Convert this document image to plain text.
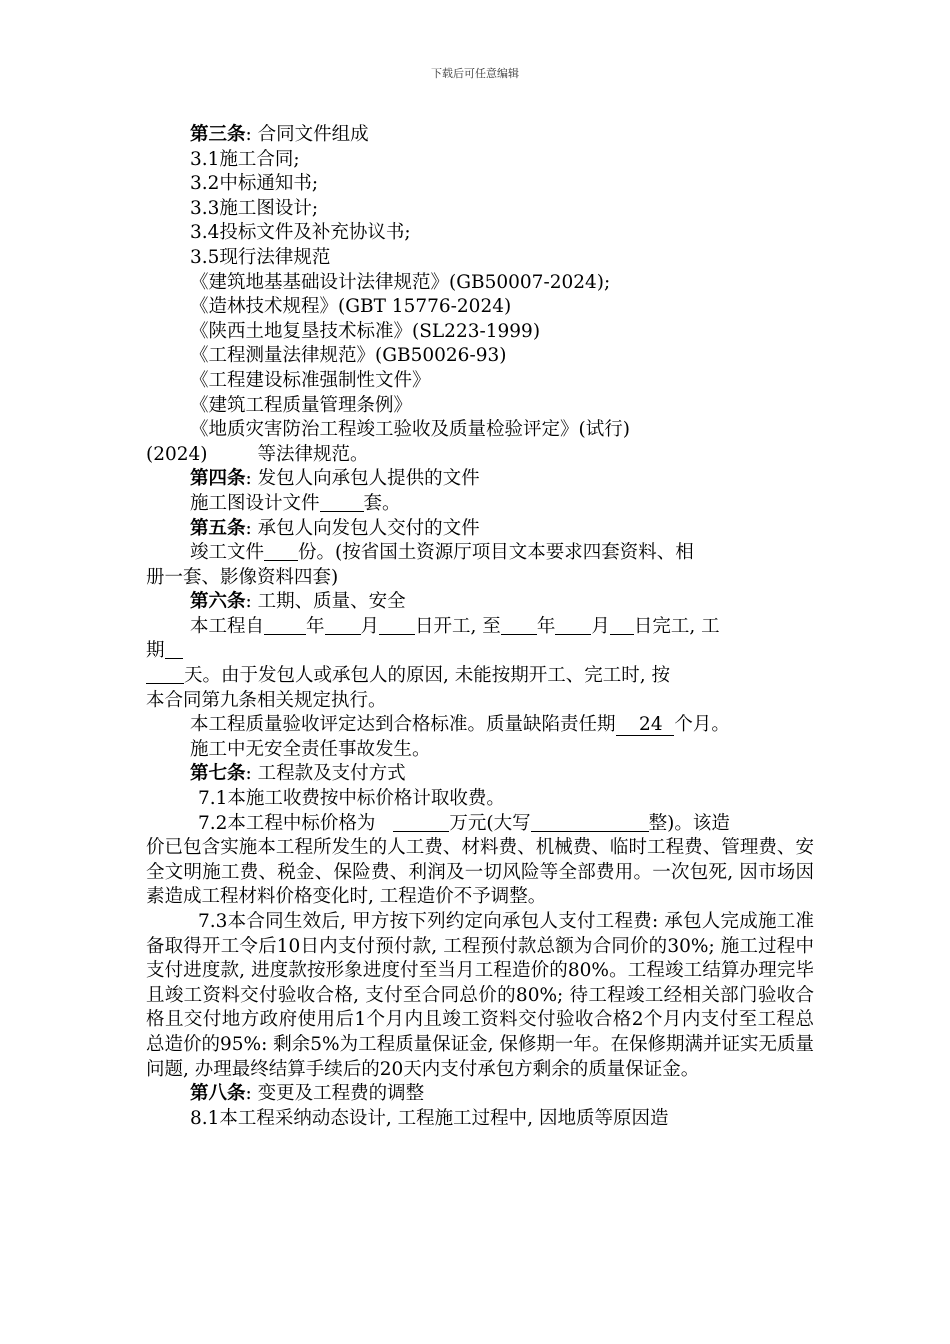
下载后可任意编辑
第三条: 合同文件组成
3.1施工合同;
3.2中标通知书;
3.3施工图设计;
3.4投标文件及补充协议书;
3.5现行法律规范
《建筑地基基础设计法律规范》(GB50007-2024);
《造林技术规程》(GBT 15776-2024)
《陕西土地复垦技术标准》(SL223-1999)
《工程测量法律规范》(GB50026-93)
《工程建设标准强制性文件》
《建筑工程质量管理条例》
《地质灾害防治工程竣工验收及质量检验评定》(试行)
(2024)	等法律规范。
第四条: 发包人向承包人提供的文件
施工图设计文件 套。
第五条: 承包人向发包人交付的文件
竣工文件 份。(按省国土资源厅项目文本要求四套资料、相
册一套、影像资料四套)
第六条: 工期、质量、安全
本工程自 年 月 日开工, 至 年 月 日完工, 工
期
天。由于发包人或承包人的原因, 未能按期开工、完工时, 按
本合同第九条相关规定执行。
本工程质量验收评定达到合格标准。质量缺陷责任期 24 个月。
施工中无安全责任事故发生。
第七条: 工程款及支付方式
7.1本施工收费按中标价格计取收费。
7.2本工程中标价格为	万元(大写	整)。该造
价已包含实施本工程所发生的人工费、材料费、机械费、临时工程费、管理费、安全文明施工费、税金、保险费、利润及一切风险等全部费用。一次包死, 因市场因素造成工程材料价格变化时, 工程造价不予调整。
7.3本合同生效后, 甲方按下列约定向承包人支付工程费: 承包人完成施工准备取得开工令后10日内支付预付款, 工程预付款总额为合同价的30%; 施工过程中支付进度款, 进度款按形象进度付至当月工程造价的80%。工程竣工结算办理完毕且竣工资料交付验收合格, 支付至合同总价的80%; 待工程竣工经相关部门验收合格且交付地方政府使用后1个月内且竣工资料交付验收合格2个月内支付至工程总总造价的95%: 剩余5%为工程质量保证金, 保修期一年。在保修期满并证实无质量问题, 办理最终结算手续后的20天内支付承包方剩余的质量保证金。
第八条: 变更及工程费的调整
8.1本工程采纳动态设计, 工程施工过程中, 因地质等原因造
